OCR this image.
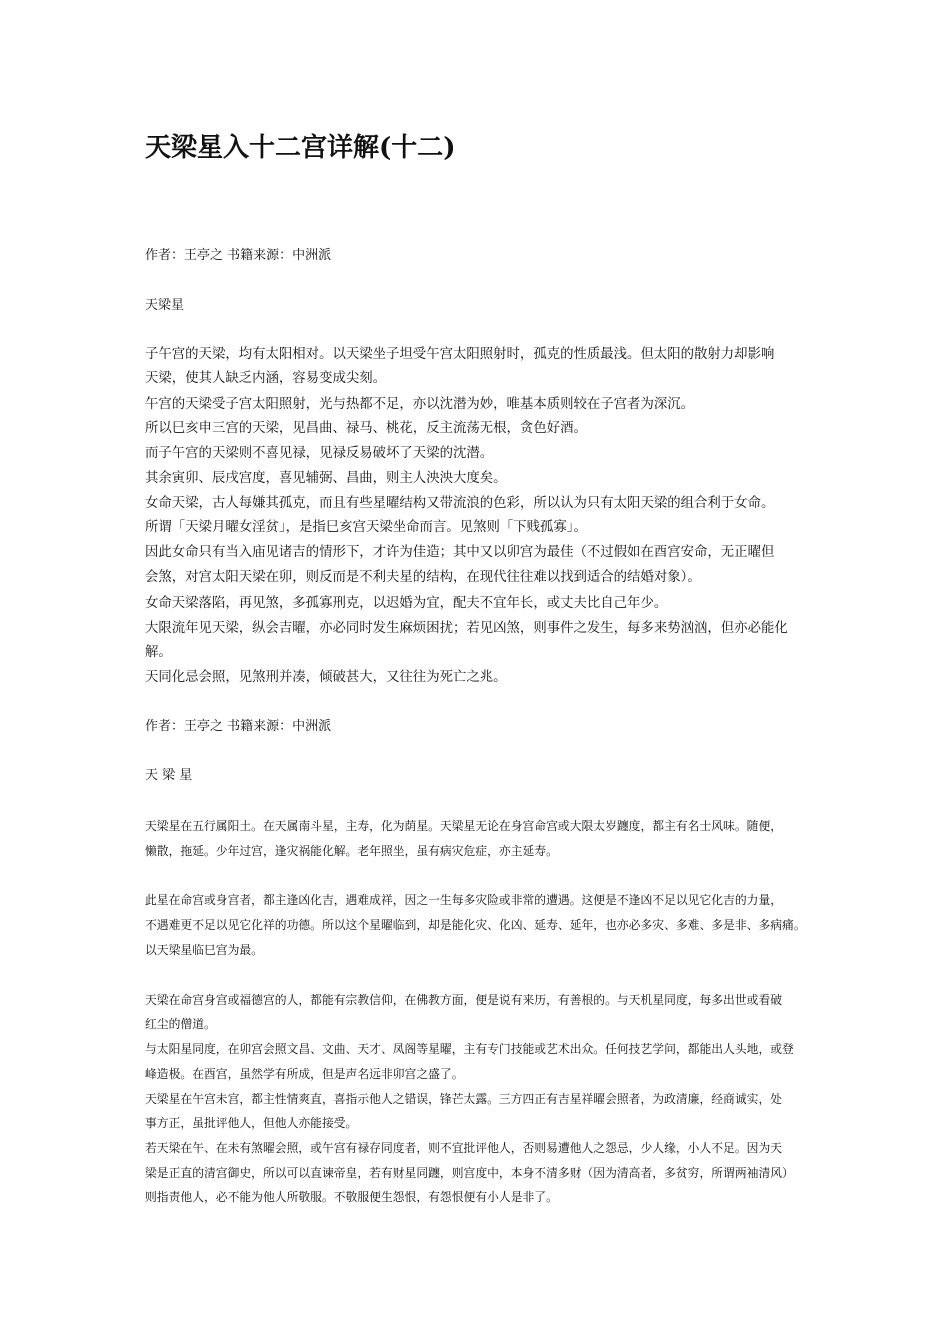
天梁星入十二宫详解(十二)

作者：王亭之 书籍来源：中洲派

天梁星

子午宫的天梁，均有太阳相对。以天梁坐子坦受午宫太阳照射时，孤克的性质最浅。但太阳的散射力却影响

天梁，使其人缺乏内涵，容易变成尖刻。

午宫的天梁受子宫太阳照射，光与热都不足，亦以沈潜为妙，唯基本质则较在子宫者为深沉。

所以巳亥申三宫的天梁，见昌曲、禄马、桃花，反主流荡无根，贪色好酒。

而子午宫的天梁则不喜见禄，见禄反易破坏了天梁的沈潜。

其余寅卯、辰戌宫度，喜见辅弼、昌曲，则主人泱泱大度矣。

女命天梁，古人每嫌其孤克，而且有些星曜结构又带流浪的色彩，所以认为只有太阳天梁的组合利于女命。

所谓「天梁月曜女淫贫」，是指巳亥宫天梁坐命而言。见煞则「下贱孤寡」。

因此女命只有当入庙见诸吉的情形下，才许为佳造；其中又以卯宫为最佳（不过假如在酉宫安命，无正曜但

会煞，对宫太阳天梁在卯，则反而是不利夫星的结构，在现代往往难以找到适合的结婚对象）。

女命天梁落陷，再见煞，多孤寡刑克，以迟婚为宜，配夫不宜年长，或丈夫比自己年少。

大限流年见天梁，纵会吉曜，亦必同时发生麻烦困扰；若见凶煞，则事件之发生，每多来势汹汹，但亦必能化

解。

天同化忌会照，见煞刑并凑，倾破甚大，又往往为死亡之兆。

作者：王亭之 书籍来源：中洲派

天 梁 星

天梁星在五行属阳土。在天属南斗星，主寿，化为荫星。天梁星无论在身宫命宫或大限太岁躔度，都主有名士风味。随便，

懒散，拖延。少年过宫，逢灾祸能化解。老年照坐，虽有病灾危症，亦主延寿。

此星在命宫或身宫者，都主逢凶化吉，遇难成祥，因之一生每多灾险或非常的遭遇。这便是不逢凶不足以见它化吉的力量，

不遇难更不足以见它化祥的功德。所以这个星曜临到，却是能化灾、化凶、延寿、延年，也亦必多灾、多难、多是非、多病痛。

以天梁星临巳宫为最。

天梁在命宫身宫或福德宫的人，都能有宗教信仰，在佛教方面，便是说有来历，有善根的。与天机星同度，每多出世或看破

红尘的僧道。

与太阳星同度，在卯宫会照文昌、文曲、天才、凤阁等星曜，主有专门技能或艺术出众。任何技艺学问，都能出人头地，或登

峰造极。在酉宫，虽然学有所成，但是声名远非卯宫之盛了。

天梁星在午宫未宫，都主性情爽直，喜指示他人之错误，锋芒太露。三方四正有吉星祥曜会照者，为政清廉，经商诚实，处

事方正，虽批评他人，但他人亦能接受。

若天梁在午、在未有煞曜会照，或午宫有禄存同度者，则不宜批评他人，否则易遭他人之怨忌，少人缘，小人不足。因为天

梁是正直的清宫御史，所以可以直谏帝皇，若有财星同躔，则宫度中，本身不清多财（因为清高者，多贫穷，所谓两袖清风）

则指责他人，必不能为他人所敬服。不敬服便生怨恨，有怨恨便有小人是非了。
